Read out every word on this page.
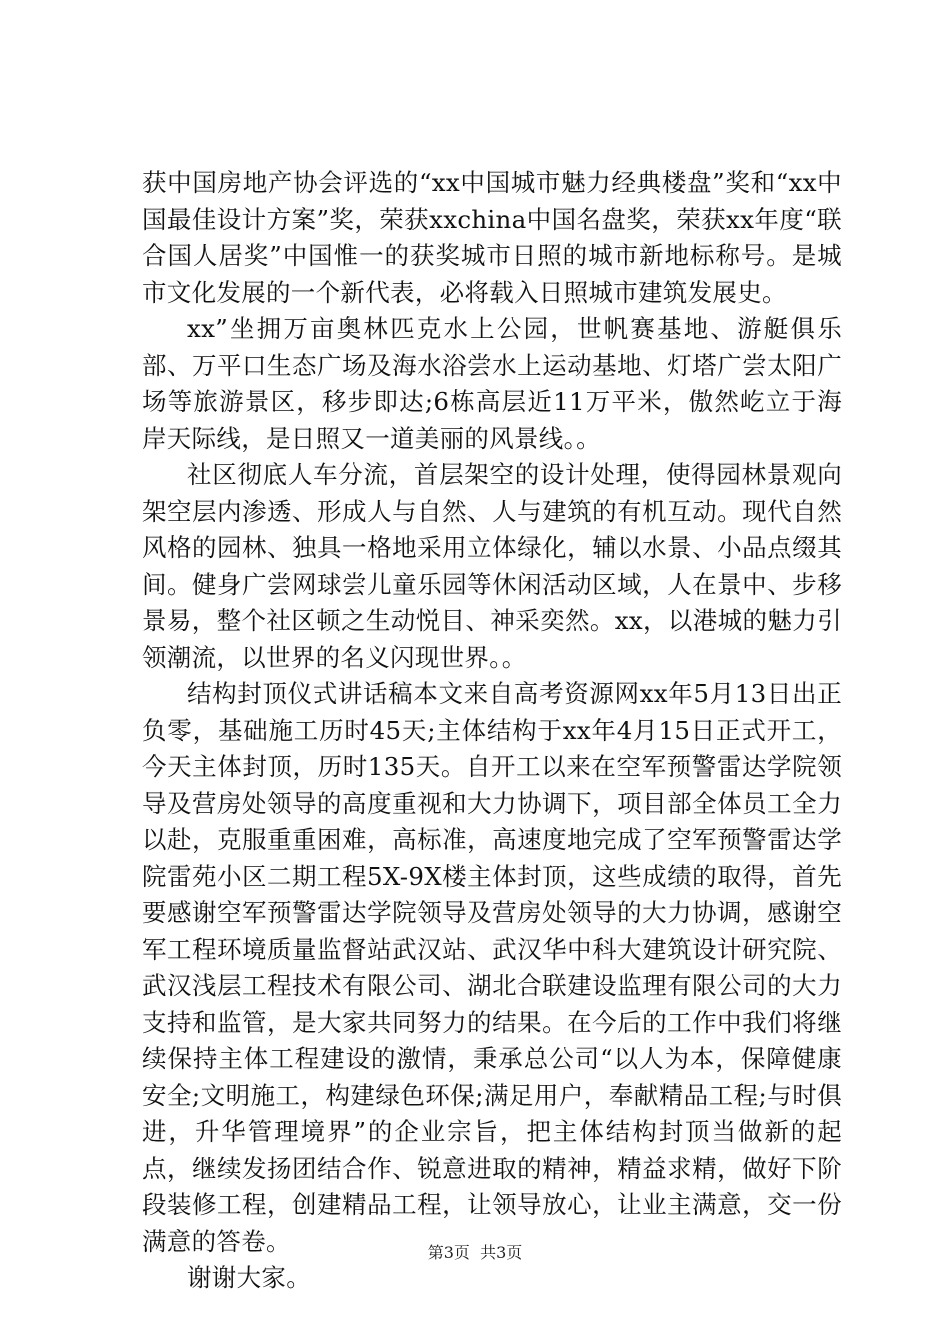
获中国房地产协会评选的“xx中国城市魅力经典楼盘”奖和“xx中国最佳设计方案”奖，荣获xxchina中国名盘奖，荣获xx年度“联合国人居奖”中国惟一的获奖城市日照的城市新地标称号。是城市文化发展的一个新代表，必将载入日照城市建筑发展史。

xx”坐拥万亩奥林匹克水上公园，世帆赛基地、游艇俱乐部、万平口生态广场及海水浴尝水上运动基地、灯塔广尝太阳广场等旅游景区，移步即达;6栋高层近11万平米，傲然屹立于海岸天际线，是日照又一道美丽的风景线。。

社区彻底人车分流，首层架空的设计处理，使得园林景观向架空层内渗透、形成人与自然、人与建筑的有机互动。现代自然风格的园林、独具一格地采用立体绿化，辅以水景、小品点缀其间。健身广尝网球尝儿童乐园等休闲活动区域，人在景中、步移景易，整个社区顿之生动悦目、神采奕然。xx，以港城的魅力引领潮流，以世界的名义闪现世界。。

结构封顶仪式讲话稿本文来自高考资源网xx年5月13日出正负零，基础施工历时45天;主体结构于xx年4月15日正式开工，今天主体封顶，历时135天。自开工以来在空军预警雷达学院领导及营房处领导的高度重视和大力协调下，项目部全体员工全力以赴，克服重重困难，高标准，高速度地完成了空军预警雷达学院雷苑小区二期工程5X-9X楼主体封顶，这些成绩的取得，首先要感谢空军预警雷达学院领导及营房处领导的大力协调，感谢空军工程环境质量监督站武汉站、武汉华中科大建筑设计研究院、武汉浅层工程技术有限公司、湖北合联建设监理有限公司的大力支持和监管，是大家共同努力的结果。在今后的工作中我们将继续保持主体工程建设的激情，秉承总公司“以人为本，保障健康安全;文明施工，构建绿色环保;满足用户，奉献精品工程;与时俱进，升华管理境界”的企业宗旨，把主体结构封顶当做新的起点，继续发扬团结合作、锐意进取的精神，精益求精，做好下阶段装修工程，创建精品工程，让领导放心，让业主满意，交一份满意的答卷。

谢谢大家。

第3页 共3页
